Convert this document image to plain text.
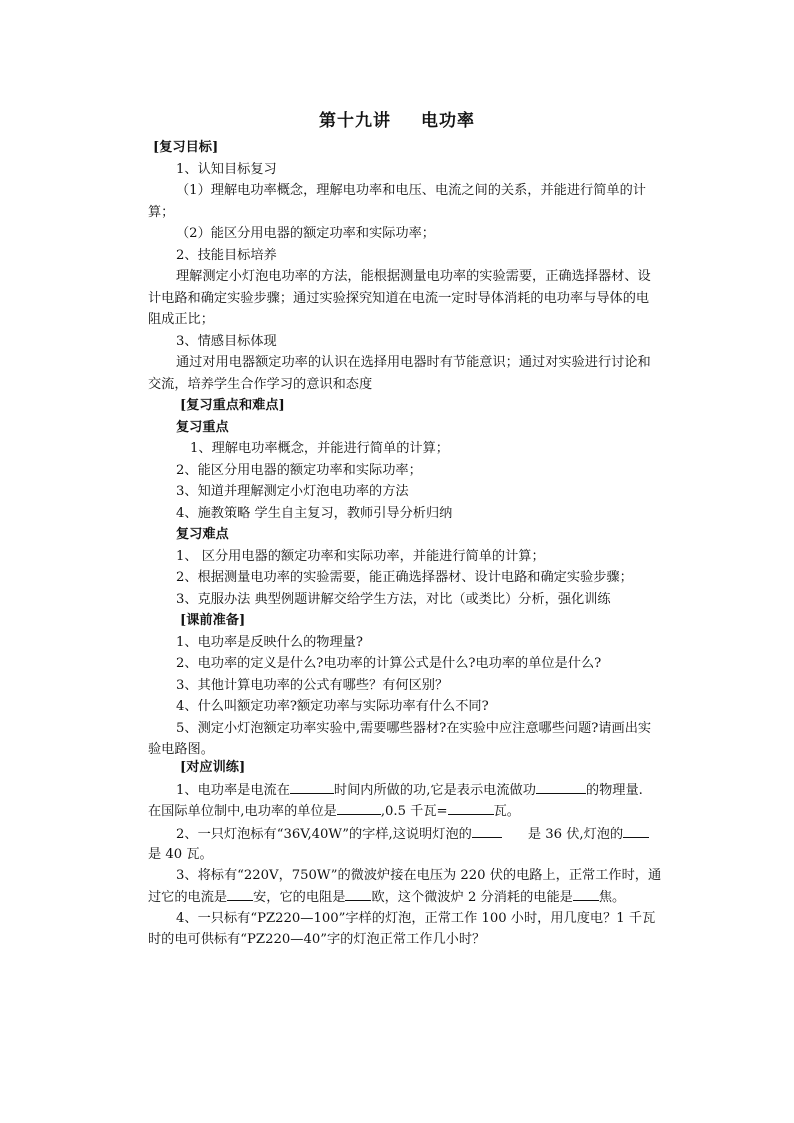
第十九讲 电功率
[复习目标]
1、认知目标复习
（1）理解电功率概念，理解电功率和电压、电流之间的关系，并能进行简单的计
算；
（2）能区分用电器的额定功率和实际功率；
2、技能目标培养
理解测定小灯泡电功率的方法，能根据测量电功率的实验需要，正确选择器材、设
计电路和确定实验步骤；通过实验探究知道在电流一定时导体消耗的电功率与导体的电
阻成正比；
3、情感目标体现
通过对用电器额定功率的认识在选择用电器时有节能意识；通过对实验进行讨论和
交流，培养学生合作学习的意识和态度
[复习重点和难点]
复习重点
1、理解电功率概念，并能进行简单的计算；
2、能区分用电器的额定功率和实际功率；
3、知道并理解测定小灯泡电功率的方法
4、施教策略 学生自主复习，教师引导分析归纳
复习难点
1、 区分用电器的额定功率和实际功率，并能进行简单的计算；
2、根据测量电功率的实验需要，能正确选择器材、设计电路和确定实验步骤；
3、克服办法 典型例题讲解交给学生方法，对比（或类比）分析，强化训练
[课前准备]
1、电功率是反映什么的物理量?
2、电功率的定义是什么?电功率的计算公式是什么?电功率的单位是什么?
3、其他计算电功率的公式有哪些？有何区别？
4、什么叫额定功率?额定功率与实际功率有什么不同?
5、测定小灯泡额定功率实验中,需要哪些器材?在实验中应注意哪些问题?请画出实
验电路图。
[对应训练]
1、电功率是电流在	时间内所做的功,它是表示电流做功	的物理量.
在国际单位制中,电功率的单位是	,0.5 千瓦=	瓦。
2、一只灯泡标有“36V,40W”的字样,这说明灯泡的	是 36 伏,灯泡的
是 40 瓦。
3、将标有“220V，750W”的微波炉接在电压为 220 伏的电路上，正常工作时，通
过它的电流是 安，它的电阻是 欧，这个微波炉 2 分消耗的电能是 焦。
4、一只标有“PZ220—100”字样的灯泡，正常工作 100 小时，用几度电？1 千瓦
时的电可供标有“PZ220—40”字的灯泡正常工作几小时？
